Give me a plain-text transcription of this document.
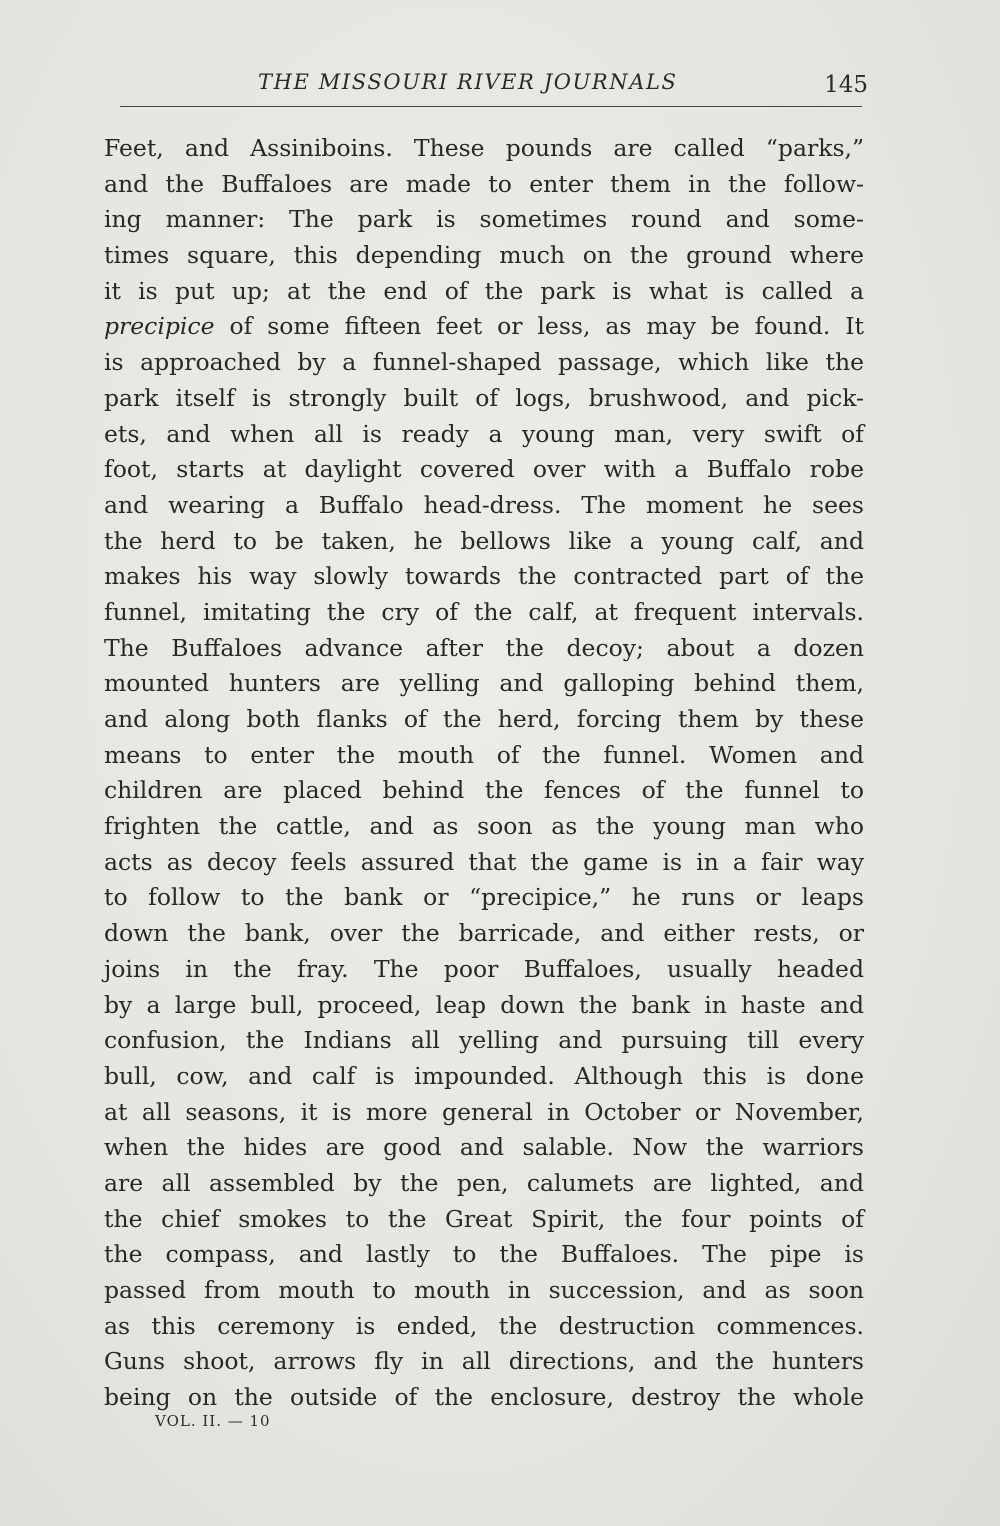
THE MISSOURI RIVER JOURNALS	145
Feet, and Assiniboins. These pounds are called “parks,”
and the Buffaloes are made to enter them in the follow-
ing manner: The park is sometimes round and some-
times square, this depending much on the ground where
it is put up; at the end of the park is what is called a
precipice of some fifteen feet or less, as may be found. It
is approached by a funnel-shaped passage, which like the
park itself is strongly built of logs, brushwood, and pick-
ets, and when all is ready a young man, very swift of
foot, starts at daylight covered over with a Buffalo robe
and wearing a Buffalo head-dress. The moment he sees
the herd to be taken, he bellows like a young calf, and
makes his way slowly towards the contracted part of the
funnel, imitating the cry of the calf, at frequent intervals.
The Buffaloes advance after the decoy; about a dozen
mounted hunters are yelling and galloping behind them,
and along both flanks of the herd, forcing them by these
means to enter the mouth of the funnel. Women and
children are placed behind the fences of the funnel to
frighten the cattle, and as soon as the young man who
acts as decoy feels assured that the game is in a fair way
to follow to the bank or “precipice,” he runs or leaps
down the bank, over the barricade, and either rests, or
joins in the fray. The poor Buffaloes, usually headed
by a large bull, proceed, leap down the bank in haste and
confusion, the Indians all yelling and pursuing till every
bull, cow, and calf is impounded. Although this is done
at all seasons, it is more general in October or November,
when the hides are good and salable. Now the warriors
are all assembled by the pen, calumets are lighted, and
the chief smokes to the Great Spirit, the four points of
the compass, and lastly to the Buffaloes. The pipe is
passed from mouth to mouth in succession, and as soon
as this ceremony is ended, the destruction commences.
Guns shoot, arrows fly in all directions, and the hunters
being on the outside of the enclosure, destroy the whole
VOL. II. — 10
